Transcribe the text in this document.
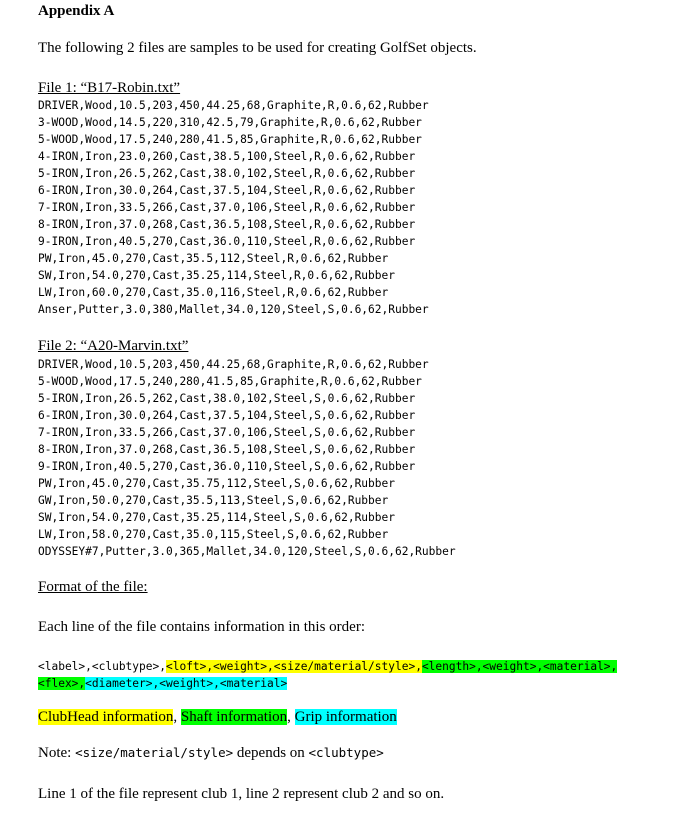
Appendix A
The following 2 files are samples to be used for creating GolfSet objects.
File 1: “B17-Robin.txt”
DRIVER,Wood,10.5,203,450,44.25,68,Graphite,R,0.6,62,Rubber
3-WOOD,Wood,14.5,220,310,42.5,79,Graphite,R,0.6,62,Rubber
5-WOOD,Wood,17.5,240,280,41.5,85,Graphite,R,0.6,62,Rubber
4-IRON,Iron,23.0,260,Cast,38.5,100,Steel,R,0.6,62,Rubber
5-IRON,Iron,26.5,262,Cast,38.0,102,Steel,R,0.6,62,Rubber
6-IRON,Iron,30.0,264,Cast,37.5,104,Steel,R,0.6,62,Rubber
7-IRON,Iron,33.5,266,Cast,37.0,106,Steel,R,0.6,62,Rubber
8-IRON,Iron,37.0,268,Cast,36.5,108,Steel,R,0.6,62,Rubber
9-IRON,Iron,40.5,270,Cast,36.0,110,Steel,R,0.6,62,Rubber
PW,Iron,45.0,270,Cast,35.5,112,Steel,R,0.6,62,Rubber
SW,Iron,54.0,270,Cast,35.25,114,Steel,R,0.6,62,Rubber
LW,Iron,60.0,270,Cast,35.0,116,Steel,R,0.6,62,Rubber
Anser,Putter,3.0,380,Mallet,34.0,120,Steel,S,0.6,62,Rubber
File 2: “A20-Marvin.txt”
DRIVER,Wood,10.5,203,450,44.25,68,Graphite,R,0.6,62,Rubber
5-WOOD,Wood,17.5,240,280,41.5,85,Graphite,R,0.6,62,Rubber
5-IRON,Iron,26.5,262,Cast,38.0,102,Steel,S,0.6,62,Rubber
6-IRON,Iron,30.0,264,Cast,37.5,104,Steel,S,0.6,62,Rubber
7-IRON,Iron,33.5,266,Cast,37.0,106,Steel,S,0.6,62,Rubber
8-IRON,Iron,37.0,268,Cast,36.5,108,Steel,S,0.6,62,Rubber
9-IRON,Iron,40.5,270,Cast,36.0,110,Steel,S,0.6,62,Rubber
PW,Iron,45.0,270,Cast,35.75,112,Steel,S,0.6,62,Rubber
GW,Iron,50.0,270,Cast,35.5,113,Steel,S,0.6,62,Rubber
SW,Iron,54.0,270,Cast,35.25,114,Steel,S,0.6,62,Rubber
LW,Iron,58.0,270,Cast,35.0,115,Steel,S,0.6,62,Rubber
ODYSSEY#7,Putter,3.0,365,Mallet,34.0,120,Steel,S,0.6,62,Rubber
Format of the file:
Each line of the file contains information in this order:
<label>,<clubtype>,<loft>,<weight>,<size/material/style>,<length>,<weight>,<material>,<flex>,<diameter>,<weight>,<material>
ClubHead information, Shaft information, Grip information
Note: <size/material/style> depends on <clubtype>
Line 1 of the file represent club 1, line 2 represent club 2 and so on.
